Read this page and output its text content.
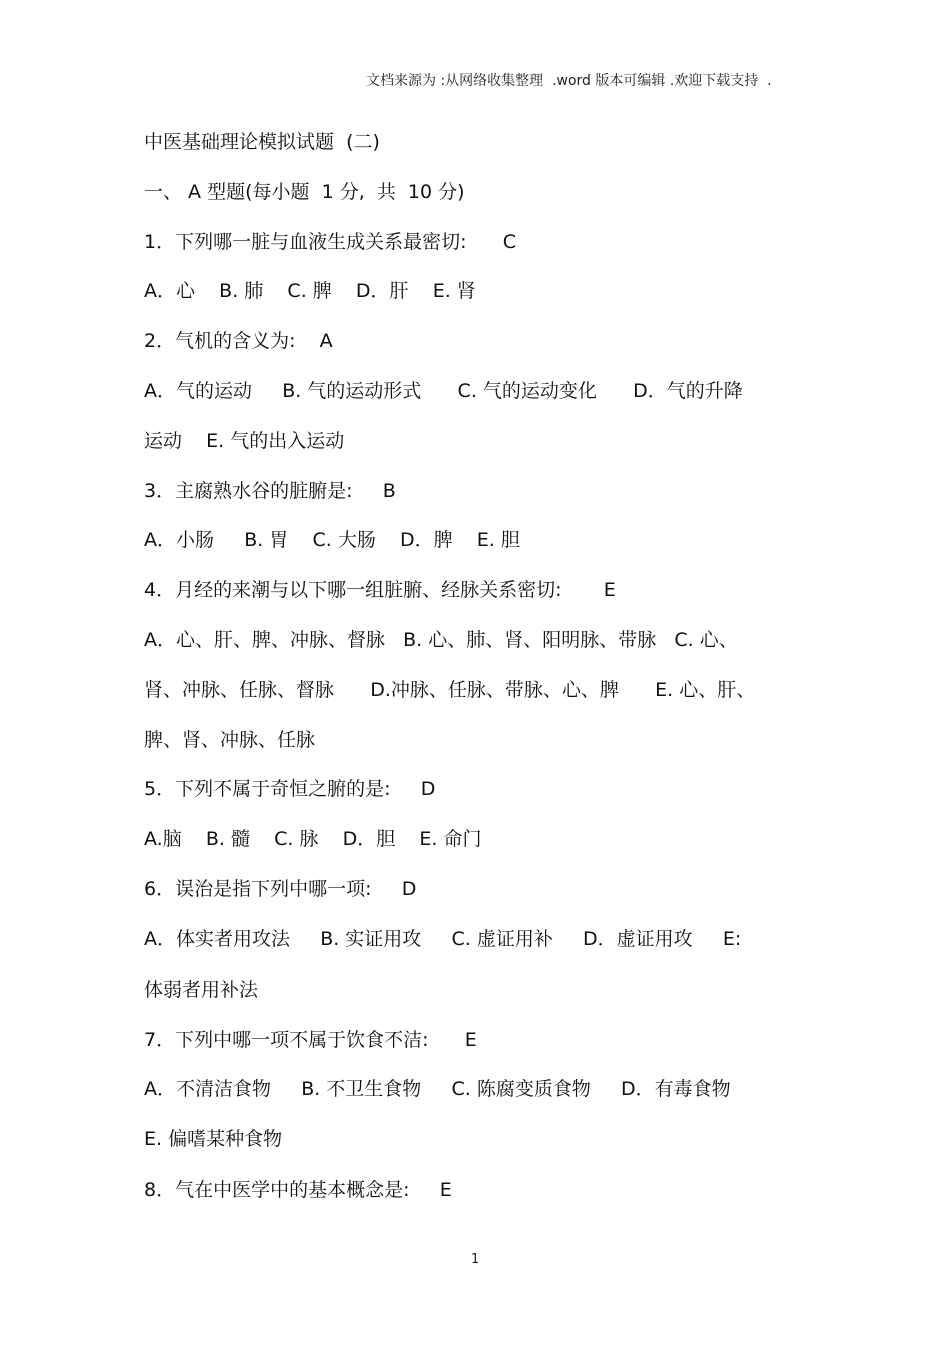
文档来源为 :从网络收集整理  .word 版本可编辑 .欢迎下载支持  .
中医基础理论模拟试题  (二)
一、 A 型题(每小题  1 分,  共  10 分)
1．下列哪一脏与血液生成关系最密切:      C
A．心    B. 肺    C. 脾    D．肝    E. 肾
2．气机的含义为:    A
A．气的运动     B. 气的运动形式      C. 气的运动变化      D．气的升降
运动    E. 气的出入运动
3．主腐熟水谷的脏腑是:     B
A．小肠     B. 胃    C. 大肠    D．脾    E. 胆
4．月经的来潮与以下哪一组脏腑、经脉关系密切:       E
A．心、肝、脾、冲脉、督脉   B. 心、肺、肾、阳明脉、带脉   C. 心、
肾、冲脉、任脉、督脉      D.冲脉、任脉、带脉、心、脾      E. 心、肝、
脾、肾、冲脉、任脉
5．下列不属于奇恒之腑的是:     D
A.脑    B. 髓    C. 脉    D．胆    E. 命门
6．误治是指下列中哪一项:     D
A．体实者用攻法     B. 实证用攻     C. 虚证用补     D．虚证用攻     E:
体弱者用补法
7．下列中哪一项不属于饮食不洁:      E
A．不清洁食物     B. 不卫生食物     C. 陈腐变质食物     D．有毒食物
E. 偏嗜某种食物
8．气在中医学中的基本概念是:     E
1
